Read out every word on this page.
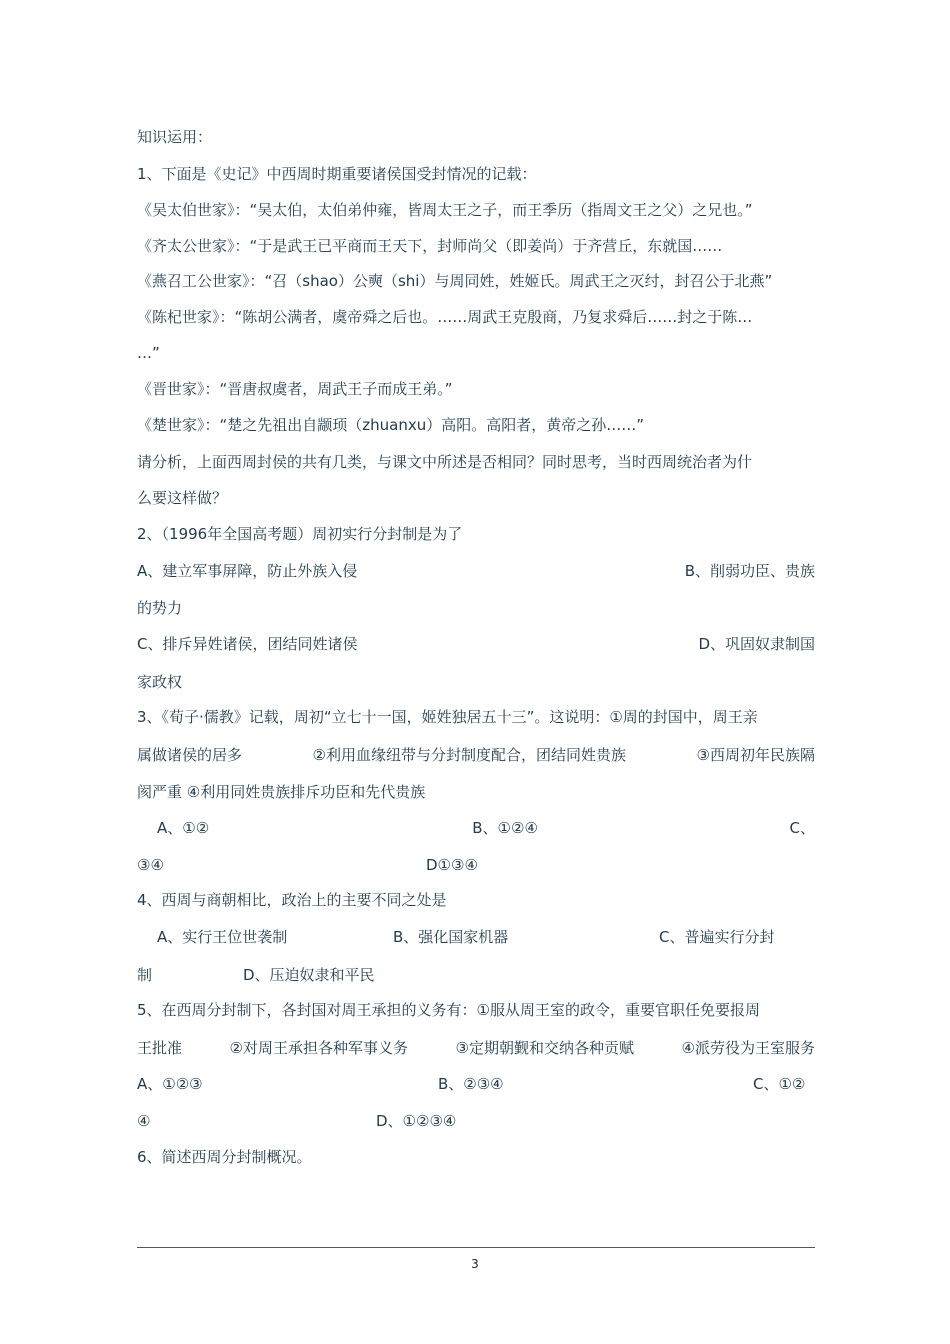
知识运用：
1、下面是《史记》中西周时期重要诸侯国受封情况的记载：
《吴太伯世家》：“吴太伯，太伯弟仲雍，皆周太王之子，而王季历（指周文王之父）之兄也。”
《齐太公世家》：“于是武王已平商而王天下，封师尚父（即姜尚）于齐营丘，东就国……
《燕召工公世家》：“召（shao）公奭（shi）与周同姓，姓姬氏。周武王之灭纣，封召公于北燕”
《陈杞世家》：“陈胡公满者，虞帝舜之后也。……周武王克殷商，乃复求舜后……封之于陈…
…”
《晋世家》：“晋唐叔虞者，周武王子而成王弟。”
《楚世家》：“楚之先祖出自颛顼（zhuanxu）高阳。高阳者，黄帝之孙……”
请分析，上面西周封侯的共有几类，与课文中所述是否相同？同时思考，当时西周统治者为什
么要这样做？
2、（1996年全国高考题）周初实行分封制是为了
A、建立军事屏障，防止外族入侵	B、削弱功臣、贵族
的势力
C、排斥异姓诸侯，团结同姓诸侯	D、巩固奴隶制国
家政权
3、《荀子·儒教》记载，周初“立七十一国，姬姓独居五十三”。这说明：①周的封国中，周王亲
属做诸侯的居多	②利用血缘纽带与分封制度配合，团结同姓贵族	③西周初年民族隔
阂严重 ④利用同姓贵族排斥功臣和先代贵族
A、①②	B、①②④	C、
③④	D①③④
4、西周与商朝相比，政治上的主要不同之处是
A、实行王位世袭制	B、强化国家机器	C、普遍实行分封
制	D、压迫奴隶和平民
5、在西周分封制下，各封国对周王承担的义务有：①服从周王室的政令，重要官职任免要报周
王批准	②对周王承担各种军事义务	③定期朝觐和交纳各种贡赋	④派劳役为王室服务
A、①②③	B、②③④	C、①②
④	D、①②③④
6、简述西周分封制概况。
3
